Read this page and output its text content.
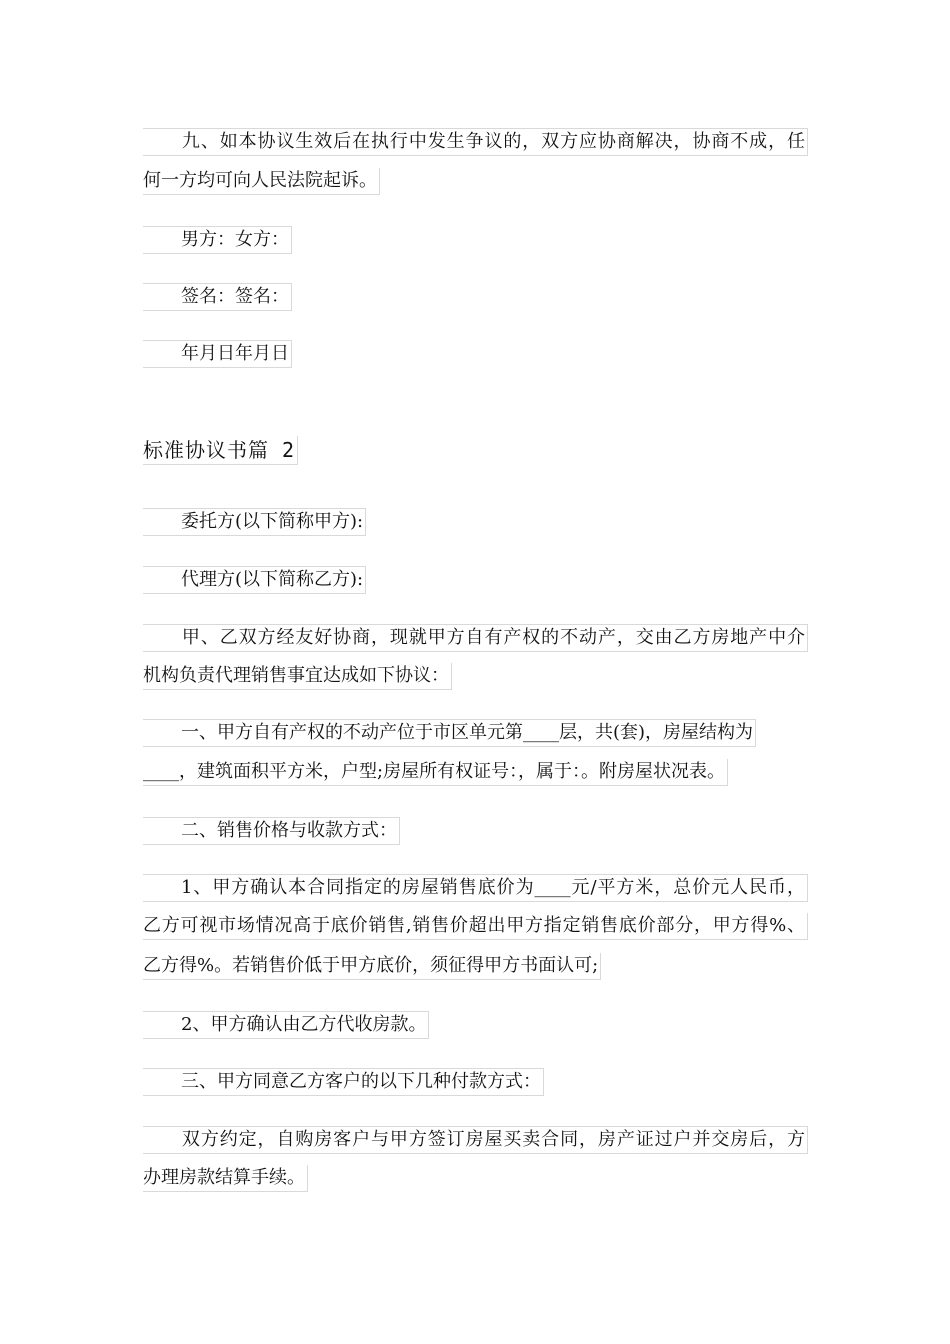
九、如本协议生效后在执行中发生争议的，双方应协商解决，协商不成，任
何一方均可向人民法院起诉。
男方：女方：
签名：签名：
年月日年月日
标准协议书篇 2
委托方(以下简称甲方):
代理方(以下简称乙方):
甲、乙双方经友好协商，现就甲方自有产权的不动产，交由乙方房地产中介
机构负责代理销售事宜达成如下协议：
一、甲方自有产权的不动产位于市区单元第____层，共(套)，房屋结构为
____，建筑面积平方米，户型;房屋所有权证号：，属于：。附房屋状况表。
二、销售价格与收款方式：
1、甲方确认本合同指定的房屋销售底价为____元/平方米，总价元人民币，
乙方可视市场情况高于底价销售,销售价超出甲方指定销售底价部分，甲方得%、
乙方得%。若销售价低于甲方底价，须征得甲方书面认可;
2、甲方确认由乙方代收房款。
三、甲方同意乙方客户的以下几种付款方式：
双方约定，自购房客户与甲方签订房屋买卖合同，房产证过户并交房后，方
办理房款结算手续。
